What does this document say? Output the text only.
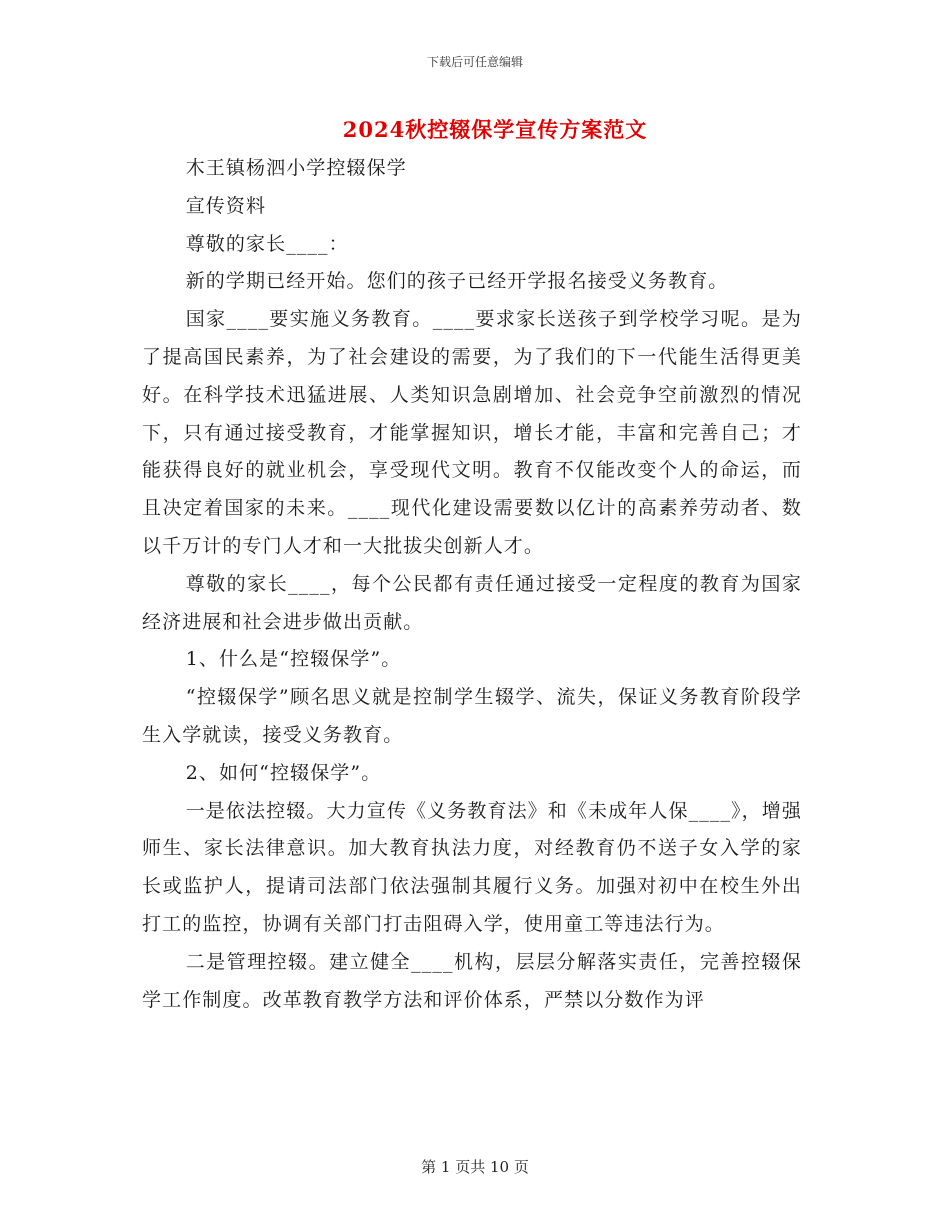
下载后可任意编辑
2024秋控辍保学宣传方案范文

木王镇杨泗小学控辍保学

宣传资料

尊敬的家长____：

新的学期已经开始。您们的孩子已经开学报名接受义务教育。

国家____要实施义务教育。____要求家长送孩子到学校学习呢。是为了提高国民素养，为了社会建设的需要，为了我们的下一代能生活得更美好。在科学技术迅猛进展、人类知识急剧增加、社会竞争空前激烈的情况下，只有通过接受教育，才能掌握知识，增长才能，丰富和完善自己；才能获得良好的就业机会，享受现代文明。教育不仅能改变个人的命运，而且决定着国家的未来。____现代化建设需要数以亿计的高素养劳动者、数以千万计的专门人才和一大批拔尖创新人才。

尊敬的家长____，每个公民都有责任通过接受一定程度的教育为国家经济进展和社会进步做出贡献。

1、什么是“控辍保学”。

“控辍保学”顾名思义就是控制学生辍学、流失，保证义务教育阶段学生入学就读，接受义务教育。

2、如何“控辍保学”。

一是依法控辍。大力宣传《义务教育法》和《未成年人保____》，增强师生、家长法律意识。加大教育执法力度，对经教育仍不送子女入学的家长或监护人，提请司法部门依法强制其履行义务。加强对初中在校生外出打工的监控，协调有关部门打击阻碍入学，使用童工等违法行为。

二是管理控辍。建立健全____机构，层层分解落实责任，完善控辍保学工作制度。改革教育教学方法和评价体系，严禁以分数作为评

第 1 页共 10 页
